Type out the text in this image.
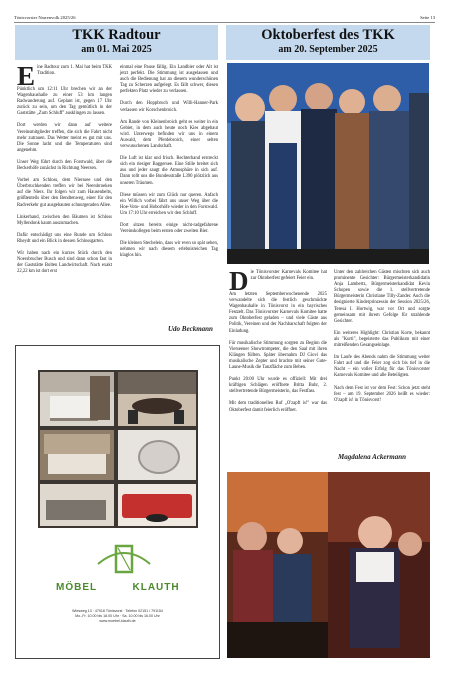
Tönisvorster Narrenvolk 2025/26	Seite 13
TKK Radtour
am 01. Mai 2025

Eine Radtour zum 1. Mai hat beim TKK Tradition.

Pünktlich um 12:11 Uhr brechen wir an der Wagenhaushalle zu einer 53 km langen Radwanderung auf. Geplant ist, gegen 17 Uhr zurück zu sein, um den Tag gemütlich in der Gaststätte „Zum Schluff" ausklingen zu lassen.

Dort werden wir dann auf weitere Vereinsmitglieder treffen, die sich die Fahrt nicht mehr zutrauen. Das Wetter meint es gut mit uns. Die Sonne lacht und die Temperaturen sind angenehm.

Unser Weg führt durch den Forstwald, über die Beckerhöfe zunächst in Richtung Neersen.

Vorbei am Schloss, dem Niersseе und den Überbruchkenden treffen wir bei Neersbroeken auf die Niers. Ihr folgen wir zum Hausenbelts, größtenteils über den Bendtenweg, einer für den Radverkehr gut ausgebauten schnurgeraden Allee.

Linkerhand, zwischen den Bäumen ist Schloss Myllendonk kaum auszumachen.

Dafür entschädigt uns eine Runde um Schloss Rheydt und ein Blick in dessen Schlossgarten.

Wir haben nach ein kurzes Stück durch den Noersbrucher Busch und sind dann schon fast in der Gaststätte Bolten Landwirtschaft. Nach exakt 22,22 km ist dort erst

einmal eine Pause fällig. Ein Landbier oder Alt ist jetzt perfekt. Die Stimmung ist ausgelassen und auch die Bedienung hat an diesem wunderschönen Tag zu Scherzen aufgelegt. Es fällt schwer, diesen perfekten Platz wieder zu verlassen.

Durch den Hoppbruch und Willi-Hanner-Park verlassen wir Korschenbroich.

Am Rande von Kleinenbroich geht es weiter in ein Gebiet, in dem auch heute noch Kies abgebaut wird. Unterwegs befinden wir uns in einem Auwald, dem Pferdebroich, einer selten verwunschenen Landschaft.

Die Luft ist klar und frisch. Rechterhand erstreckt sich ein riesiger Baggersee. Eine Stille breitet sich aus und jeder saugt die Atmosphäre in sich auf. Dann rollt uns die Bundesstraße L390 plötzlich aus unseren Träumen.

Diese müssen wir zum Glück nur queren. Anfach ein Willich vorbei fährt uns unser Weg über die Hoe-Voto- und Hoborhöfe wieder in den Forstwald. Um 17:10 Uhr erreichen wir den Schluff.

Dort sitzen bereits einige nicht-radgefahrene Vereinskollegen beim ersten oder zweiten Bier.

Die kleinen Stechelein, dass wir even so spät sehen, nehmen wir nach diesem erlebnisreichen Tag klaglos hin.

Udo Beckmann
MÖBEL	KLAUTH
Wiesweg 13 · 47918 Tönisvorst · Telefon 02151 / 791154
Mo.-Fr. 10.00 bis 18.00 Uhr · Sa. 10.00 bis 16.00 Uhr
www.moebel-klauth.de
Oktoberfest des TKK
am 20. September 2025

Die Tönisvorster Karnevals Komitee hat zur Oktoberfest gefeiert Feier ein.

Am letzten Septemberwochenende 2025 verwandelte sich die festlich geschmückte Wagenbauhalle in Tönisvorst in ein bayrisches Festzelt. Das Tönisvorster Karnevals Komitee hatte zum Oktoberfest geladen – und viele Gäste aus Politik, Vereinen und der Nachbarschaft folgten der Einladung.

Für musikalische Stimmung sorgten zu Beginn die Vierseener Showtrompeter, die den Saal mit ihren Klängen füllten. Später übernahm DJ Giovi das musikalische Zepter und brachte mit seiner Gute-Laune-Musik die Tanzfläche zum Beben.

Punkt 20:00 Uhr wurde es offiziell: Mit drei kräftigen Schlägen eröffnete Britta Buhr, 2. stellvertretende Bürgermeisterin, das Festfass.

Mit dem traditionellen Ruf „O'zapft is!" war das Oktoberfest damit feierlich eröffnet.

Unter den zahlreichen Gästen mischten sich auch prominente Gesichter: Bürgermeisterkandidatin Anja Lambertz, Bürgermeisterkandidat Kevin Schopen sowie die 1. stellvertretende Bürgermeisterin Christiane Tilly-Zander. Auch die designierte Kinderprinzessin der Session 2025/26, Teresa I. Hortwig, war vor Ort und sorgte gemeinsam mit ihrem Gefolge für strahlende Gesichter.

Ein weiteres Highlight: Christian Korte, bekannt als "Kurti", begeisterte das Publikum mit einer mitreißenden Gesangseinlage.

Im Laufe des Abends nahm die Stimmung weiter Fahrt auf und die Feier zog sich bis tief in die Nacht – ein voller Erfolg für das Tönisvorster Karnevals Komitee und alle Beteiligten.

Nach dem Fest ist vor dem Fest: Schon jetzt steht fest – am 19. September 2026 heißt es wieder: O'zapft is! in Tönisvorst!

Magdalena Ackermann
